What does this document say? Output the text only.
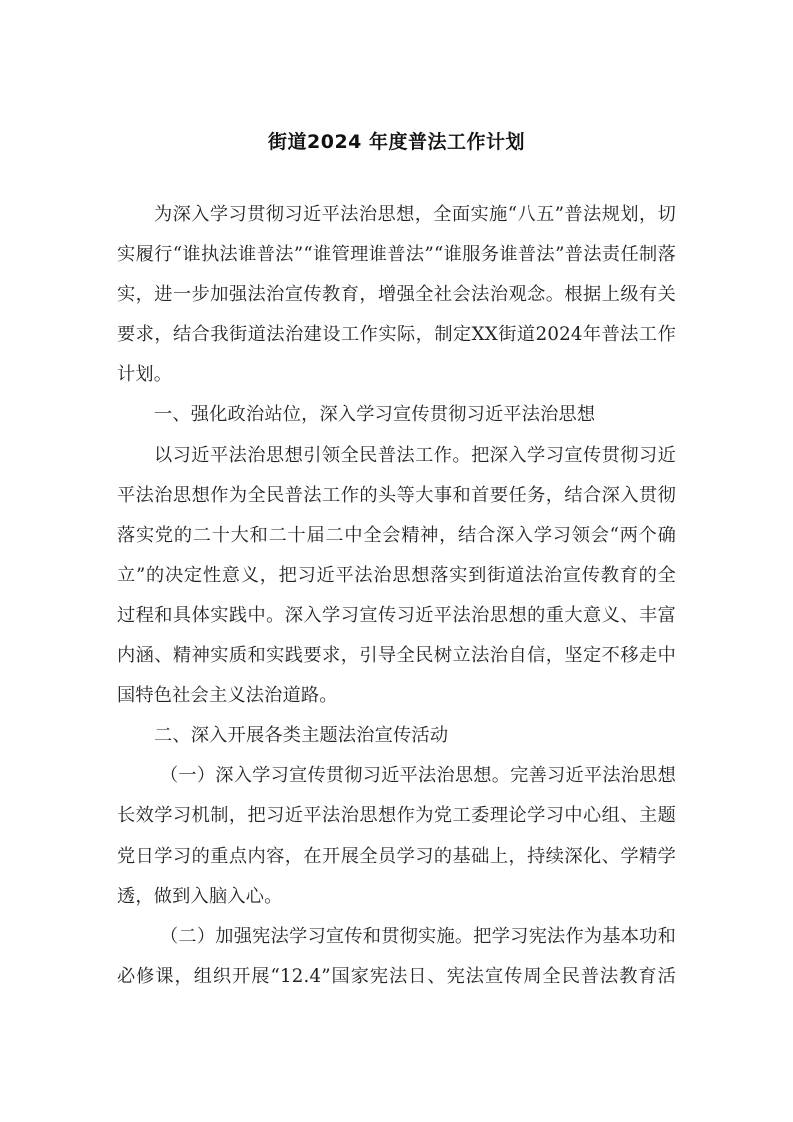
街道2024 年度普法工作计划

为深入学习贯彻习近平法治思想，全面实施“八五”普法规划，切实履行“谁执法谁普法”“谁管理谁普法”“谁服务谁普法”普法责任制落实，进一步加强法治宣传教育，增强全社会法治观念。根据上级有关要求，结合我街道法治建设工作实际，制定XX街道2024年普法工作计划。

一、强化政治站位，深入学习宣传贯彻习近平法治思想

以习近平法治思想引领全民普法工作。把深入学习宣传贯彻习近平法治思想作为全民普法工作的头等大事和首要任务，结合深入贯彻落实党的二十大和二十届二中全会精神，结合深入学习领会“两个确立”的决定性意义，把习近平法治思想落实到街道法治宣传教育的全过程和具体实践中。深入学习宣传习近平法治思想的重大意义、丰富内涵、精神实质和实践要求，引导全民树立法治自信，坚定不移走中国特色社会主义法治道路。

二、深入开展各类主题法治宣传活动

（一）深入学习宣传贯彻习近平法治思想。完善习近平法治思想长效学习机制，把习近平法治思想作为党工委理论学习中心组、主题党日学习的重点内容，在开展全员学习的基础上，持续深化、学精学透，做到入脑入心。

（二）加强宪法学习宣传和贯彻实施。把学习宪法作为基本功和必修课，组织开展“12.4”国家宪法日、宪法宣传周全民普法教育活
